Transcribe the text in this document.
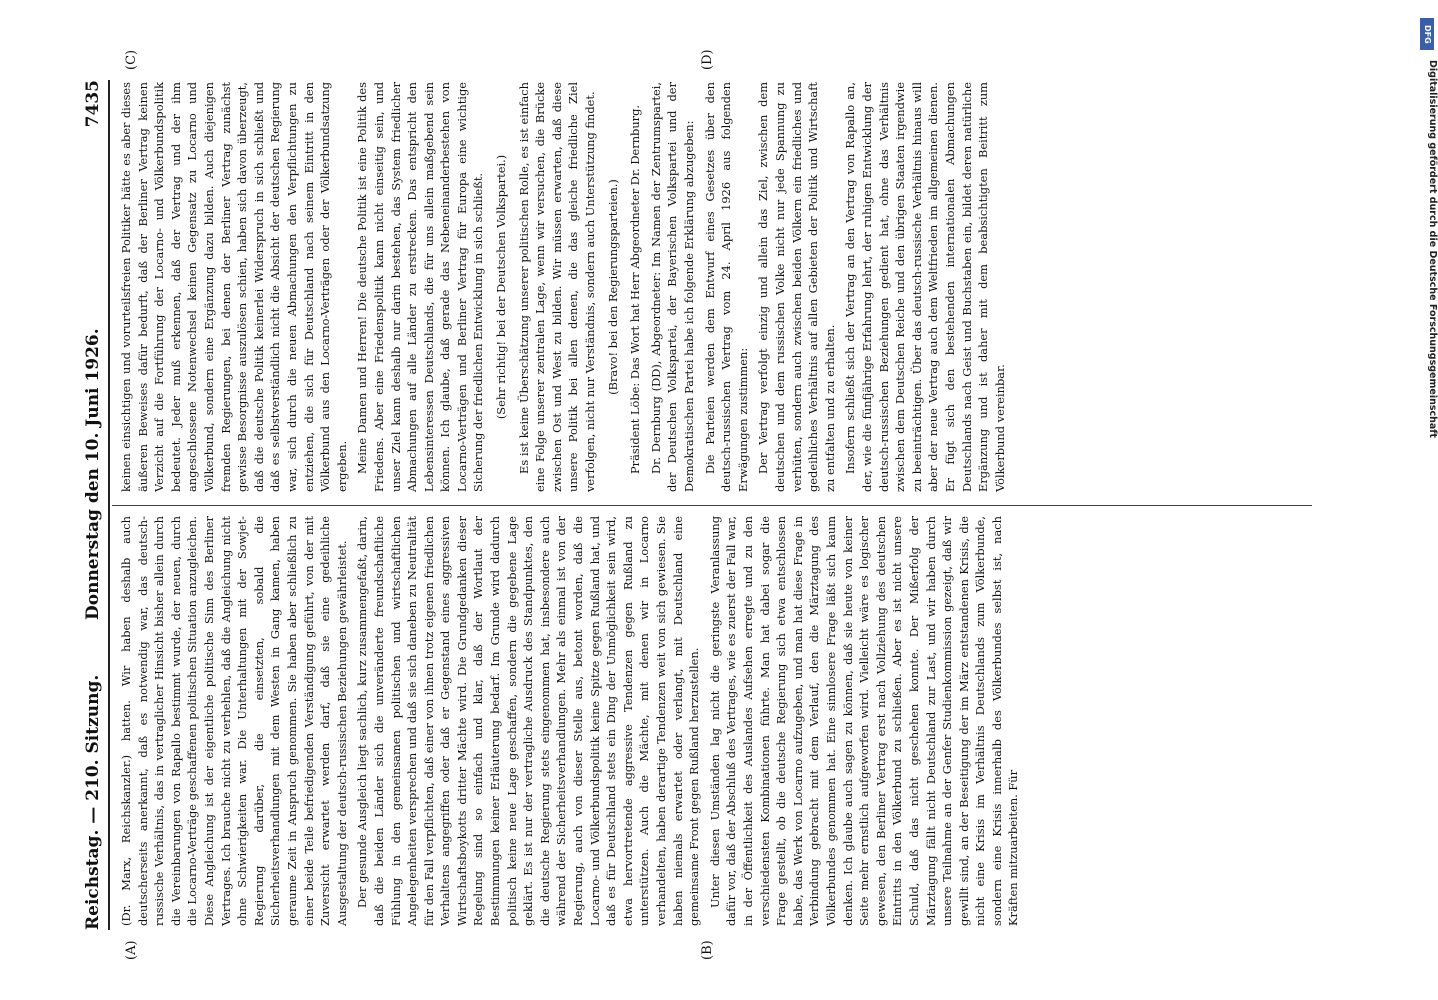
Reichstag. — 210. Sitzung.
Donnerstag den 10. Juni 1926.
7435
(A)	(B)
(C)	(D)

(Dr. Marx, Reichskanzler.) hatten. Wir haben deshalb auch deutscherseits anerkannt, daß es notwendig war, das deutsch-russische Verhältnis, das in vertraglicher Hinsicht bisher allein durch die Vereinbarungen von Rapallo bestimmt wurde, der neuen, durch die Locarno-Verträge geschaffenen politischen Situation anzugleichen. Diese Angleichung ist der eigentliche politische Sinn des Berliner Vertrages. Ich brauche nicht zu verhehlen, daß die Angleichung nicht ohne Schwierigkeiten war. Die Unterhaltungen mit der Sowjet-Regierung darüber, die einsetzten, sobald die Sicherheitsverhandlungen mit dem Westen in Gang kamen, haben geraume Zeit in Anspruch genommen. Sie haben aber schließlich zu einer beide Teile befriedigenden Verständigung geführt, von der mit Zuversicht erwartet werden darf, daß sie eine gedeihliche Ausgestaltung der deutsch-russischen Beziehungen gewährleistet. Der gesunde Ausgleich liegt sachlich, kurz zusammengefaßt, darin, daß die beiden Länder sich die unveränderte freundschaftliche Fühlung in den gemeinsamen politischen und wirtschaftlichen Angelegenheiten versprechen und daß sie sich daneben zu Neutralität für den Fall verpflichten, daß einer von ihnen trotz eigenen friedlichen Verhaltens angegriffen oder daß er Gegenstand eines aggressiven Wirtschaftsboykotts dritter Mächte wird. Die Grundgedanken dieser Regelung sind so einfach und klar, daß der Wortlaut der Bestimmungen keiner Erläuterung bedarf. Im Grunde wird dadurch politisch keine neue Lage geschaffen, sondern die gegebene Lage geklärt. Es ist nur der vertragliche Ausdruck des Standpunktes, den die deutsche Regierung stets eingenommen hat, insbesondere auch während der Sicherheitsverhandlungen. Mehr als einmal ist von der Regierung, auch von dieser Stelle aus, betont worden, daß die Locarno- und Völkerbundspolitik keine Spitze gegen Rußland hat, und daß es für Deutschland stets ein Ding der Unmöglichkeit sein wird, etwa hervortretende aggressive Tendenzen gegen Rußland zu unterstützen. Auch die Mächte, mit denen wir in Locarno verhandelten, haben derartige Tendenzen weit von sich gewiesen. Sie haben niemals erwartet oder verlangt, mit Deutschland eine gemeinsame Front gegen Rußland herzustellen. Unter diesen Umständen lag nicht die geringste Veranlassung dafür vor, daß der Abschluß des Vertrages, wie es zuerst der Fall war, in der Öffentlichkeit des Auslandes Aufsehen erregte und zu den verschiedensten Kombinationen führte. Man hat dabei sogar die Frage gestellt, ob die deutsche Regierung sich etwa entschlossen habe, das Werk von Locarno aufzugeben, und man hat diese Frage in Verbindung gebracht mit dem Verlauf, den die Märztagung des Völkerbundes genommen hat. Eine sinnlosere Frage läßt sich kaum denken. Ich glaube auch sagen zu können, daß sie heute von keiner Seite mehr ernstlich aufgeworfen wird. Vielleicht wäre es logischer gewesen, den Berliner Vertrag erst nach Vollziehung des deutschen Eintritts in den Völkerbund zu schließen. Aber es ist nicht unsere Schuld, daß das nicht geschehen konnte. Der Mißerfolg der Märztagung fällt nicht Deutschland zur Last, und wir haben durch unsere Teilnahme an der Genfer Studienkommission gezeigt, daß wir gewillt sind, an der Beseitigung der im März entstandenen Krisis, die nicht eine Krisis im Verhältnis Deutschlands zum Völkerbunde, sondern eine Krisis innerhalb des Völkerbundes selbst ist, nach Kräften mitzuarbeiten. Für

keinen einsichtigen und vorurteilsfreien Politiker hätte es aber dieses äußeren Beweises dafür bedurft, daß der Berliner Vertrag keinen Verzicht auf die Fortführung der Locarno- und Völkerbundspolitik bedeutet. Jeder muß erkennen, daß der Vertrag und der ihm angeschlossene Notenwechsel keinen Gegensatz zu Locarno und Völkerbund, sondern eine Ergänzung dazu bilden. Auch diejenigen fremden Regierungen, bei denen der Berliner Vertrag zunächst gewisse Besorgnisse auszulösen schien, haben sich davon überzeugt, daß die deutsche Politik keinerlei Widerspruch in sich schließt und daß es selbstverständlich nicht die Absicht der deutschen Regierung war, sich durch die neuen Abmachungen den Verpflichtungen zu entziehen, die sich für Deutschland nach seinem Eintritt in den Völkerbund aus den Locarno-Verträgen oder der Völkerbundsatzung ergeben. Meine Damen und Herren! Die deutsche Politik ist eine Politik des Friedens. Aber eine Friedenspolitik kann nicht einseitig sein, und unser Ziel kann deshalb nur darin bestehen, das System friedlicher Abmachungen auf alle Länder zu erstrecken. Das entspricht den Lebensinteressen Deutschlands, die für uns allein maßgebend sein können. Ich glaube, daß gerade das Nebeneinanderbestehen von Locarno-Verträgen und Berliner Vertrag für Europa eine wichtige Sicherung der friedlichen Entwicklung in sich schließt. (Sehr richtig! bei der Deutschen Volkspartei.) Es ist keine Überschätzung unserer politischen Rolle, es ist einfach eine Folge unserer zentralen Lage, wenn wir versuchen, die Brücke zwischen Ost und West zu bilden. Wir müssen erwarten, daß diese unsere Politik bei allen denen, die das gleiche friedliche Ziel verfolgen, nicht nur Verständnis, sondern auch Unterstützung findet. (Bravo! bei den Regierungsparteien.) Präsident Löbe: Das Wort hat Herr Abgeordneter Dr. Dernburg. Dr. Dernburg (DD), Abgeordneter: Im Namen der Zentrumspartei, der Deutschen Volkspartei, der Bayerischen Volkspartei und der Demokratischen Partei habe ich folgende Erklärung abzugeben: Die Parteien werden dem Entwurf eines Gesetzes über den deutsch-russischen Vertrag vom 24. April 1926 aus folgenden Erwägungen zustimmen: Der Vertrag verfolgt einzig und allein das Ziel, zwischen dem deutschen und dem russischen Volke nicht nur jede Spannung zu verhüten, sondern auch zwischen beiden Völkern ein friedliches und gedeihliches Verhältnis auf allen Gebieten der Politik und Wirtschaft zu entfalten und zu erhalten. Insofern schließt sich der Vertrag an den Vertrag von Rapallo an, der, wie die fünfjährige Erfahrung lehrt, der ruhigen Entwicklung der deutsch-russischen Beziehungen gedient hat, ohne das Verhältnis zwischen dem Deutschen Reiche und den übrigen Staaten irgendwie zu beeinträchtigen. Über das deutsch-russische Verhältnis hinaus will aber der neue Vertrag auch dem Weltfrieden im allgemeinen dienen. Er fügt sich den bestehenden internationalen Abmachungen Deutschlands nach Geist und Buchstaben ein, bildet deren natürliche Ergänzung und ist daher mit dem beabsichtigten Beitritt zum Völkerbund vereinbar.

DFG
Digitalisierung gefördert durch die Deutsche Forschungsgemeinschaft
